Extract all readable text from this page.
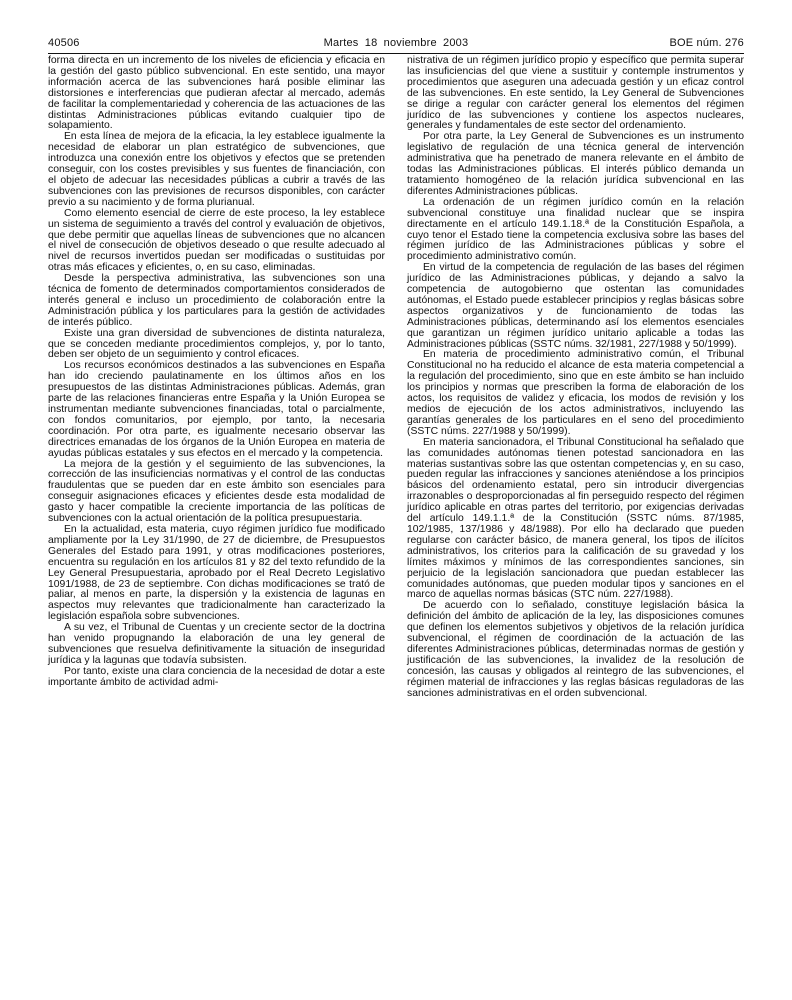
40506	Martes 18 noviembre 2003	BOE núm. 276

forma directa en un incremento de los niveles de eficiencia y eficacia en la gestión del gasto público subvencional. En este sentido, una mayor información acerca de las subvenciones hará posible eliminar las distorsiones e interferencias que pudieran afectar al mercado, además de facilitar la complementariedad y coherencia de las actuaciones de las distintas Administraciones públicas evitando cualquier tipo de solapamiento.

En esta línea de mejora de la eficacia, la ley establece igualmente la necesidad de elaborar un plan estratégico de subvenciones, que introduzca una conexión entre los objetivos y efectos que se pretenden conseguir, con los costes previsibles y sus fuentes de financiación, con el objeto de adecuar las necesidades públicas a cubrir a través de las subvenciones con las previsiones de recursos disponibles, con carácter previo a su nacimiento y de forma plurianual.

Como elemento esencial de cierre de este proceso, la ley establece un sistema de seguimiento a través del control y evaluación de objetivos, que debe permitir que aquellas líneas de subvenciones que no alcancen el nivel de consecución de objetivos deseado o que resulte adecuado al nivel de recursos invertidos puedan ser modificadas o sustituidas por otras más eficaces y eficientes, o, en su caso, eliminadas.

Desde la perspectiva administrativa, las subvenciones son una técnica de fomento de determinados comportamientos considerados de interés general e incluso un procedimiento de colaboración entre la Administración pública y los particulares para la gestión de actividades de interés público.

Existe una gran diversidad de subvenciones de distinta naturaleza, que se conceden mediante procedimientos complejos, y, por lo tanto, deben ser objeto de un seguimiento y control eficaces.

Los recursos económicos destinados a las subvenciones en España han ido creciendo paulatinamente en los últimos años en los presupuestos de las distintas Administraciones públicas. Además, gran parte de las relaciones financieras entre España y la Unión Europea se instrumentan mediante subvenciones financiadas, total o parcialmente, con fondos comunitarios, por ejemplo, por tanto, la necesaria coordinación. Por otra parte, es igualmente necesario observar las directrices emanadas de los órganos de la Unión Europea en materia de ayudas públicas estatales y sus efectos en el mercado y la competencia.

La mejora de la gestión y el seguimiento de las subvenciones, la corrección de las insuficiencias normativas y el control de las conductas fraudulentas que se pueden dar en este ámbito son esenciales para conseguir asignaciones eficaces y eficientes desde esta modalidad de gasto y hacer compatible la creciente importancia de las políticas de subvenciones con la actual orientación de la política presupuestaria.

En la actualidad, esta materia, cuyo régimen jurídico fue modificado ampliamente por la Ley 31/1990, de 27 de diciembre, de Presupuestos Generales del Estado para 1991, y otras modificaciones posteriores, encuentra su regulación en los artículos 81 y 82 del texto refundido de la Ley General Presupuestaria, aprobado por el Real Decreto Legislativo 1091/1988, de 23 de septiembre. Con dichas modificaciones se trató de paliar, al menos en parte, la dispersión y la existencia de lagunas en aspectos muy relevantes que tradicionalmente han caracterizado la legislación española sobre subvenciones.

A su vez, el Tribunal de Cuentas y un creciente sector de la doctrina han venido propugnando la elaboración de una ley general de subvenciones que resuelva definitivamente la situación de inseguridad jurídica y la lagunas que todavía subsisten.

Por tanto, existe una clara conciencia de la necesidad de dotar a este importante ámbito de actividad admi-

nistrativa de un régimen jurídico propio y específico que permita superar las insuficiencias del que viene a sustituir y contemple instrumentos y procedimientos que aseguren una adecuada gestión y un eficaz control de las subvenciones. En este sentido, la Ley General de Subvenciones se dirige a regular con carácter general los elementos del régimen jurídico de las subvenciones y contiene los aspectos nucleares, generales y fundamentales de este sector del ordenamiento.

Por otra parte, la Ley General de Subvenciones es un instrumento legislativo de regulación de una técnica general de intervención administrativa que ha penetrado de manera relevante en el ámbito de todas las Administraciones públicas. El interés público demanda un tratamiento homogéneo de la relación jurídica subvencional en las diferentes Administraciones públicas.

La ordenación de un régimen jurídico común en la relación subvencional constituye una finalidad nuclear que se inspira directamente en el artículo 149.1.18.ª de la Constitución Española, a cuyo tenor el Estado tiene la competencia exclusiva sobre las bases del régimen jurídico de las Administraciones públicas y sobre el procedimiento administrativo común.

En virtud de la competencia de regulación de las bases del régimen jurídico de las Administraciones públicas, y dejando a salvo la competencia de autogobierno que ostentan las comunidades autónomas, el Estado puede establecer principios y reglas básicas sobre aspectos organizativos y de funcionamiento de todas las Administraciones públicas, determinando así los elementos esenciales que garantizan un régimen jurídico unitario aplicable a todas las Administraciones públicas (SSTC núms. 32/1981, 227/1988 y 50/1999).

En materia de procedimiento administrativo común, el Tribunal Constitucional no ha reducido el alcance de esta materia competencial a la regulación del procedimiento, sino que en este ámbito se han incluido los principios y normas que prescriben la forma de elaboración de los actos, los requisitos de validez y eficacia, los modos de revisión y los medios de ejecución de los actos administrativos, incluyendo las garantías generales de los particulares en el seno del procedimiento (SSTC núms. 227/1988 y 50/1999).

En materia sancionadora, el Tribunal Constitucional ha señalado que las comunidades autónomas tienen potestad sancionadora en las materias sustantivas sobre las que ostentan competencias y, en su caso, pueden regular las infracciones y sanciones ateniéndose a los principios básicos del ordenamiento estatal, pero sin introducir divergencias irrazonables o desproporcionadas al fin perseguido respecto del régimen jurídico aplicable en otras partes del territorio, por exigencias derivadas del artículo 149.1.1.ª de la Constitución (SSTC núms. 87/1985, 102/1985, 137/1986 y 48/1988). Por ello ha declarado que pueden regularse con carácter básico, de manera general, los tipos de ilícitos administrativos, los criterios para la calificación de su gravedad y los límites máximos y mínimos de las correspondientes sanciones, sin perjuicio de la legislación sancionadora que puedan establecer las comunidades autónomas, que pueden modular tipos y sanciones en el marco de aquellas normas básicas (STC núm. 227/1988).

De acuerdo con lo señalado, constituye legislación básica la definición del ámbito de aplicación de la ley, las disposiciones comunes que definen los elementos subjetivos y objetivos de la relación jurídica subvencional, el régimen de coordinación de la actuación de las diferentes Administraciones públicas, determinadas normas de gestión y justificación de las subvenciones, la invalidez de la resolución de concesión, las causas y obligados al reintegro de las subvenciones, el régimen material de infracciones y las reglas básicas reguladoras de las sanciones administrativas en el orden subvencional.
